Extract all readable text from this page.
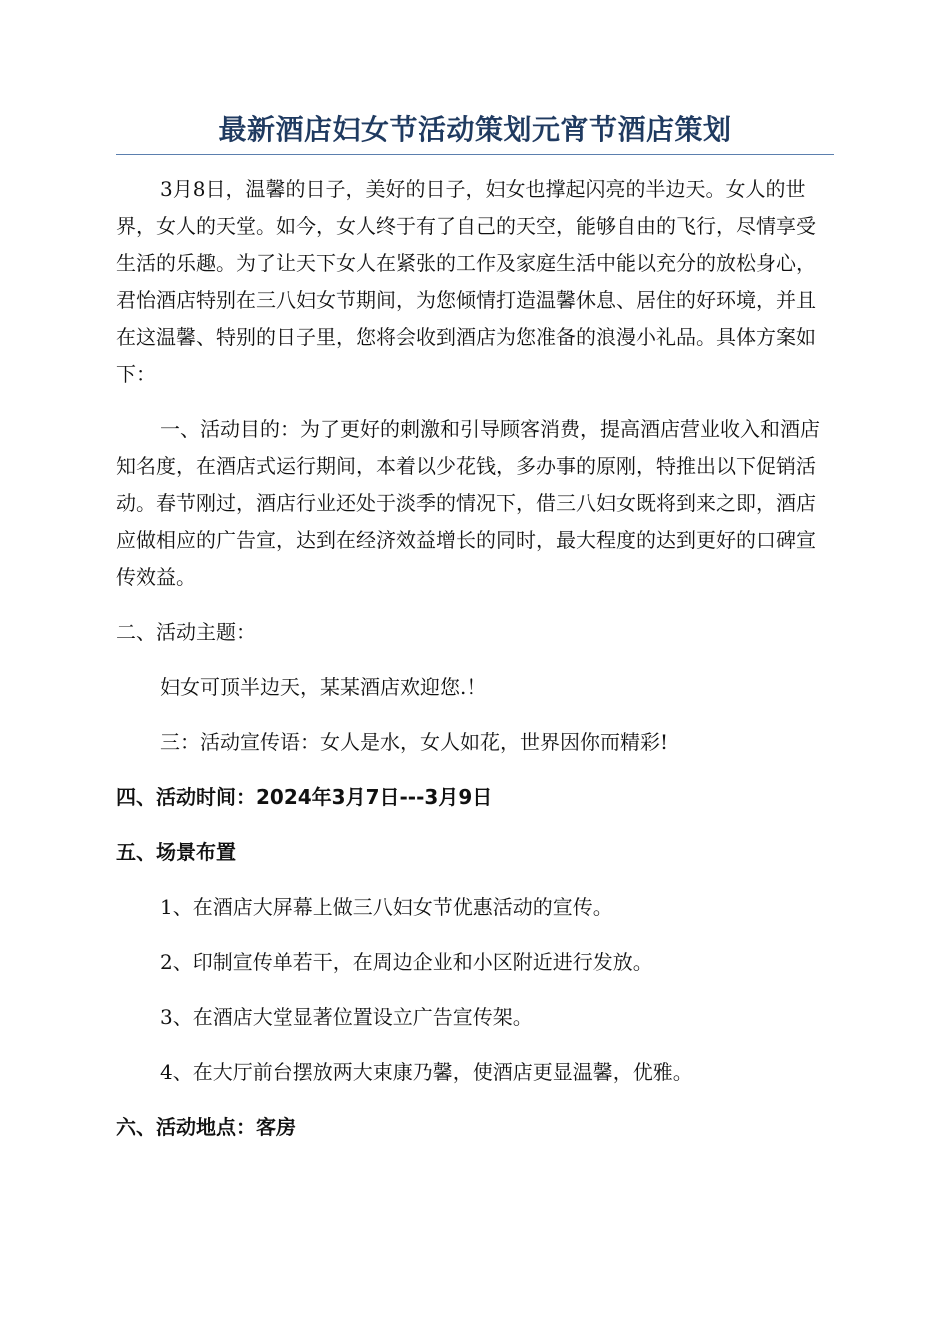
最新酒店妇女节活动策划元宵节酒店策划

3月8日，温馨的日子，美好的日子，妇女也撑起闪亮的半边天。女人的世界，女人的天堂。如今，女人终于有了自己的天空，能够自由的飞行，尽情享受生活的乐趣。为了让天下女人在紧张的工作及家庭生活中能以充分的放松身心，君怡酒店特别在三八妇女节期间，为您倾情打造温馨休息、居住的好环境，并且在这温馨、特别的日子里，您将会收到酒店为您准备的浪漫小礼品。具体方案如下：

一、活动目的：为了更好的刺激和引导顾客消费，提高酒店营业收入和酒店知名度，在酒店式运行期间，本着以少花钱，多办事的原刚，特推出以下促销活动。春节刚过，酒店行业还处于淡季的情况下，借三八妇女既将到来之即，酒店应做相应的广告宣，达到在经济效益增长的同时，最大程度的达到更好的口碑宣传效益。

二、活动主题：

妇女可顶半边天，某某酒店欢迎您.！

三：活动宣传语：女人是水，女人如花，世界因你而精彩!

四、活动时间：2024年3月7日---3月9日

五、场景布置

1、在酒店大屏幕上做三八妇女节优惠活动的宣传。

2、印制宣传单若干，在周边企业和小区附近进行发放。

3、在酒店大堂显著位置设立广告宣传架。

4、在大厅前台摆放两大束康乃馨，使酒店更显温馨，优雅。

六、活动地点：客房
